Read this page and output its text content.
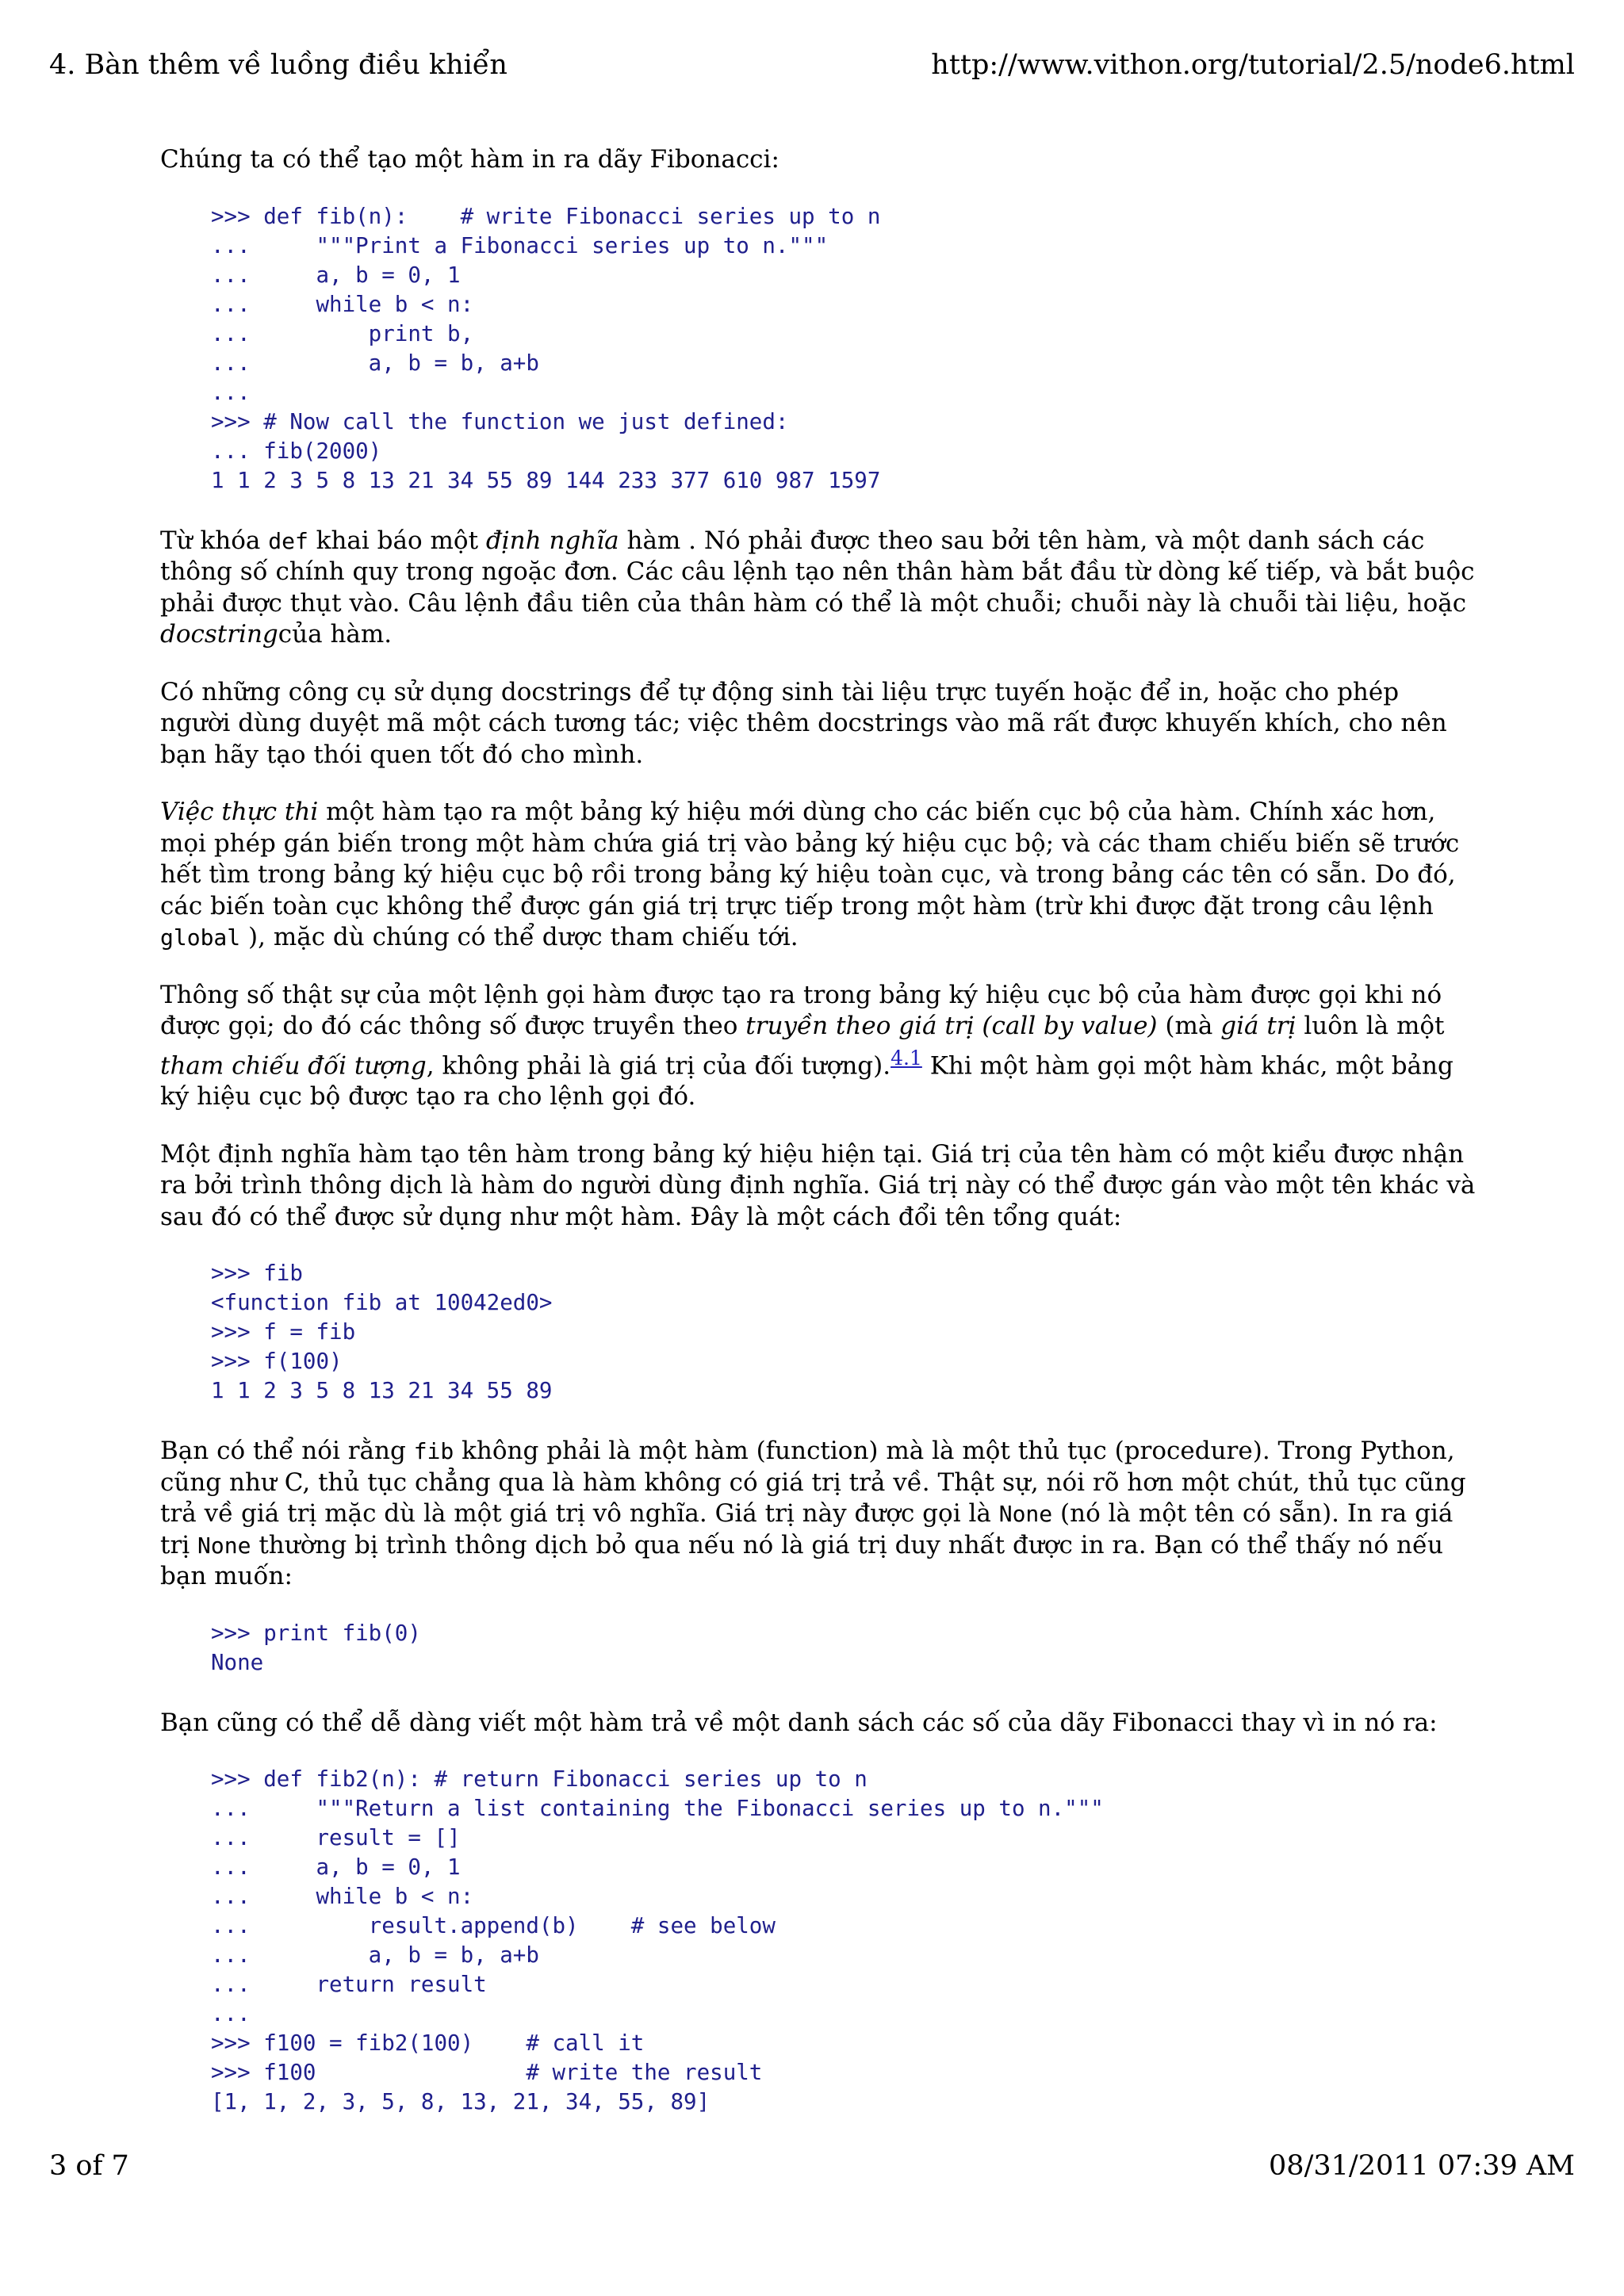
4. Bàn thêm về luồng điều khiển	http://www.vithon.org/tutorial/2.5/node6.html

Chúng ta có thể tạo một hàm in ra dãy Fibonacci:

>>> def fib(n):    # write Fibonacci series up to n
...     """Print a Fibonacci series up to n."""
...     a, b = 0, 1
...     while b < n:
...         print b,
...         a, b = b, a+b
...
>>> # Now call the function we just defined:
... fib(2000)
1 1 2 3 5 8 13 21 34 55 89 144 233 377 610 987 1597

Từ khóa def khai báo một định nghĩa hàm . Nó phải được theo sau bởi tên hàm, và một danh sách các thông số chính quy trong ngoặc đơn. Các câu lệnh tạo nên thân hàm bắt đầu từ dòng kế tiếp, và bắt buộc phải được thụt vào. Câu lệnh đầu tiên của thân hàm có thể là một chuỗi; chuỗi này là chuỗi tài liệu, hoặc docstringcủa hàm.

Có những công cụ sử dụng docstrings để tự động sinh tài liệu trực tuyến hoặc để in, hoặc cho phép người dùng duyệt mã một cách tương tác; việc thêm docstrings vào mã rất được khuyến khích, cho nên bạn hãy tạo thói quen tốt đó cho mình.

Việc thực thi một hàm tạo ra một bảng ký hiệu mới dùng cho các biến cục bộ của hàm. Chính xác hơn, mọi phép gán biến trong một hàm chứa giá trị vào bảng ký hiệu cục bộ; và các tham chiếu biến sẽ trước hết tìm trong bảng ký hiệu cục bộ rồi trong bảng ký hiệu toàn cục, và trong bảng các tên có sẵn. Do đó, các biến toàn cục không thể được gán giá trị trực tiếp trong một hàm (trừ khi được đặt trong câu lệnh global ), mặc dù chúng có thể dược tham chiếu tới.

Thông số thật sự của một lệnh gọi hàm được tạo ra trong bảng ký hiệu cục bộ của hàm được gọi khi nó được gọi; do đó các thông số được truyền theo truyền theo giá trị (call by value) (mà giá trị luôn là một tham chiếu đối tượng, không phải là giá trị của đối tượng).$^{4.1}$ Khi một hàm gọi một hàm khác, một bảng ký hiệu cục bộ được tạo ra cho lệnh gọi đó.

Một định nghĩa hàm tạo tên hàm trong bảng ký hiệu hiện tại. Giá trị của tên hàm có một kiểu được nhận ra bởi trình thông dịch là hàm do người dùng định nghĩa. Giá trị này có thể được gán vào một tên khác và sau đó có thể được sử dụng như một hàm. Đây là một cách đổi tên tổng quát:

>>> fib
<function fib at 10042ed0>
>>> f = fib
>>> f(100)
1 1 2 3 5 8 13 21 34 55 89

Bạn có thể nói rằng fib không phải là một hàm (function) mà là một thủ tục (procedure). Trong Python, cũng như C, thủ tục chẳng qua là hàm không có giá trị trả về. Thật sự, nói rõ hơn một chút, thủ tục cũng trả về giá trị mặc dù là một giá trị vô nghĩa. Giá trị này được gọi là None (nó là một tên có sẵn). In ra giá trị None thường bị trình thông dịch bỏ qua nếu nó là giá trị duy nhất được in ra. Bạn có thể thấy nó nếu bạn muốn:

>>> print fib(0)
None

Bạn cũng có thể dễ dàng viết một hàm trả về một danh sách các số của dãy Fibonacci thay vì in nó ra:

>>> def fib2(n): # return Fibonacci series up to n
...     """Return a list containing the Fibonacci series up to n."""
...     result = []
...     a, b = 0, 1
...     while b < n:
...         result.append(b)    # see below
...         a, b = b, a+b
...     return result
...
>>> f100 = fib2(100)    # call it
>>> f100                # write the result
[1, 1, 2, 3, 5, 8, 13, 21, 34, 55, 89]
3 of 7	08/31/2011 07:39 AM
